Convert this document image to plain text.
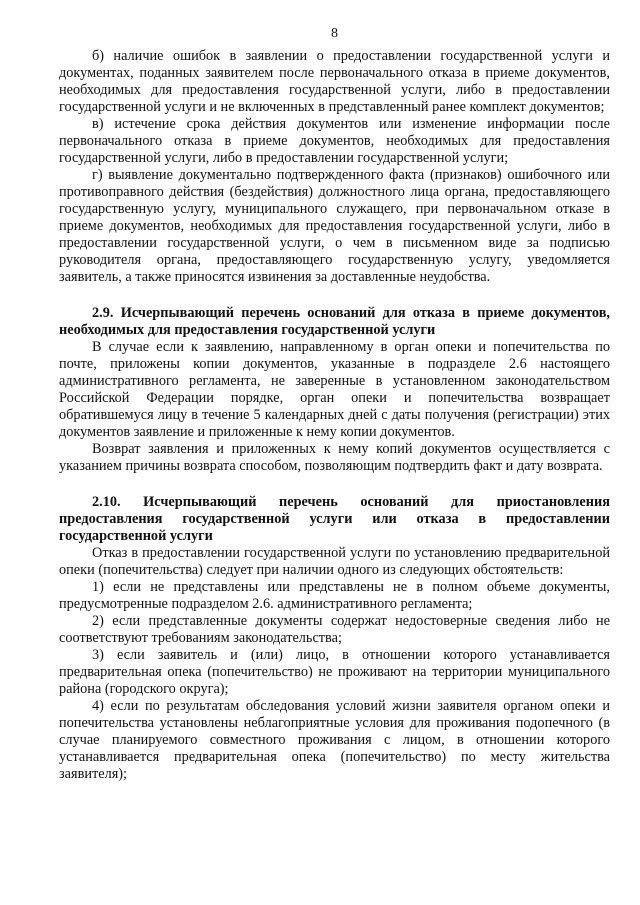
8

б) наличие ошибок в заявлении о предоставлении государственной услуги и документах, поданных заявителем после первоначального отказа в приеме документов, необходимых для предоставления государственной услуги, либо в предоставлении государственной услуги и не включенных в представленный ранее комплект документов;

в) истечение срока действия документов или изменение информации после первоначального отказа в приеме документов, необходимых для предоставления государственной услуги, либо в предоставлении государственной услуги;

г) выявление документально подтвержденного факта (признаков) ошибочного или противоправного действия (бездействия) должностного лица органа, предоставляющего государственную услугу, муниципального служащего, при первоначальном отказе в приеме документов, необходимых для предоставления государственной услуги, либо в предоставлении государственной услуги, о чем в письменном виде за подписью руководителя органа, предоставляющего государственную услугу, уведомляется заявитель, а также приносятся извинения за доставленные неудобства.

2.9. Исчерпывающий перечень оснований для отказа в приеме документов, необходимых для предоставления государственной услуги

В случае если к заявлению, направленному в орган опеки и попечительства по почте, приложены копии документов, указанные в подразделе 2.6 настоящего административного регламента, не заверенные в установленном законодательством Российской Федерации порядке, орган опеки и попечительства возвращает обратившемуся лицу в течение 5 календарных дней с даты получения (регистрации) этих документов заявление и приложенные к нему копии документов.

Возврат заявления и приложенных к нему копий документов осуществляется с указанием причины возврата способом, позволяющим подтвердить факт и дату возврата.

2.10. Исчерпывающий перечень оснований для приостановления предоставления государственной услуги или отказа в предоставлении государственной услуги

Отказ в предоставлении государственной услуги по установлению предварительной опеки (попечительства) следует при наличии одного из следующих обстоятельств:

1) если не представлены или представлены не в полном объеме документы, предусмотренные подразделом 2.6. административного регламента;

2) если представленные документы содержат недостоверные сведения либо не соответствуют требованиям законодательства;

3) если заявитель и (или) лицо, в отношении которого устанавливается предварительная опека (попечительство) не проживают на территории муниципального района (городского округа);

4) если по результатам обследования условий жизни заявителя органом опеки и попечительства установлены неблагоприятные условия для проживания подопечного (в случае планируемого совместного проживания с лицом, в отношении которого устанавливается предварительная опека (попечительство) по месту жительства заявителя);
